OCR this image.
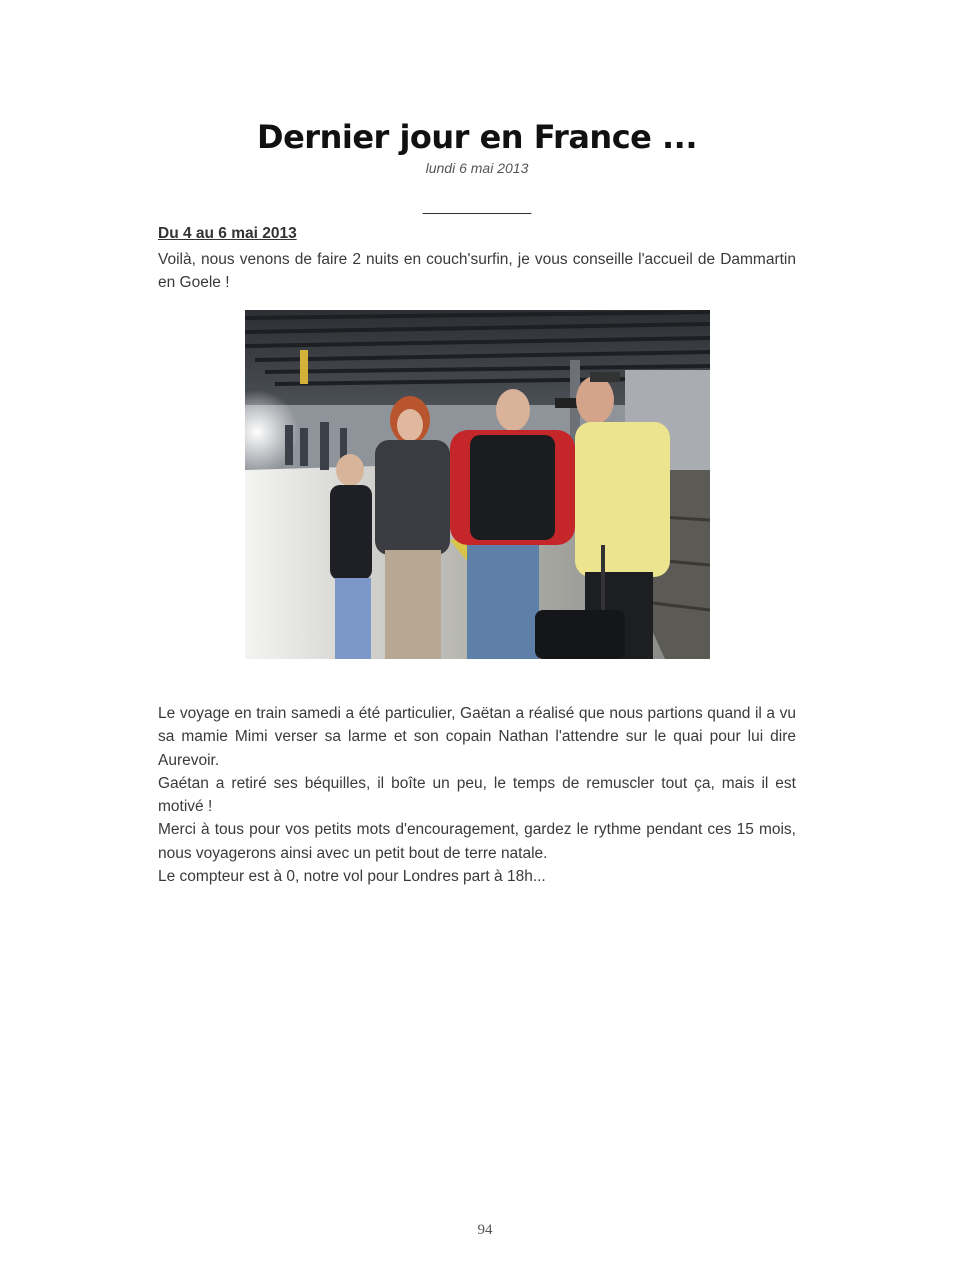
Dernier jour en France ...
lundi 6 mai 2013
_____________
Du 4 au 6 mai 2013
Voilà, nous venons de faire 2 nuits en couch'surfin, je vous conseille l'accueil de Dammartin en Goele !

Le voyage en train samedi a été particulier, Gaëtan a réalisé que nous partions quand il a vu sa mamie Mimi verser sa larme et son copain Nathan l'attendre sur le quai pour lui dire Aurevoir.

Gaétan a retiré ses béquilles, il boîte un peu, le temps de remuscler tout ça, mais il est motivé !

Merci à tous pour vos petits mots d'encouragement, gardez le rythme pendant ces 15 mois, nous voyagerons ainsi avec un petit bout de terre natale.

Le compteur est à 0, notre vol pour Londres part à 18h...

94
